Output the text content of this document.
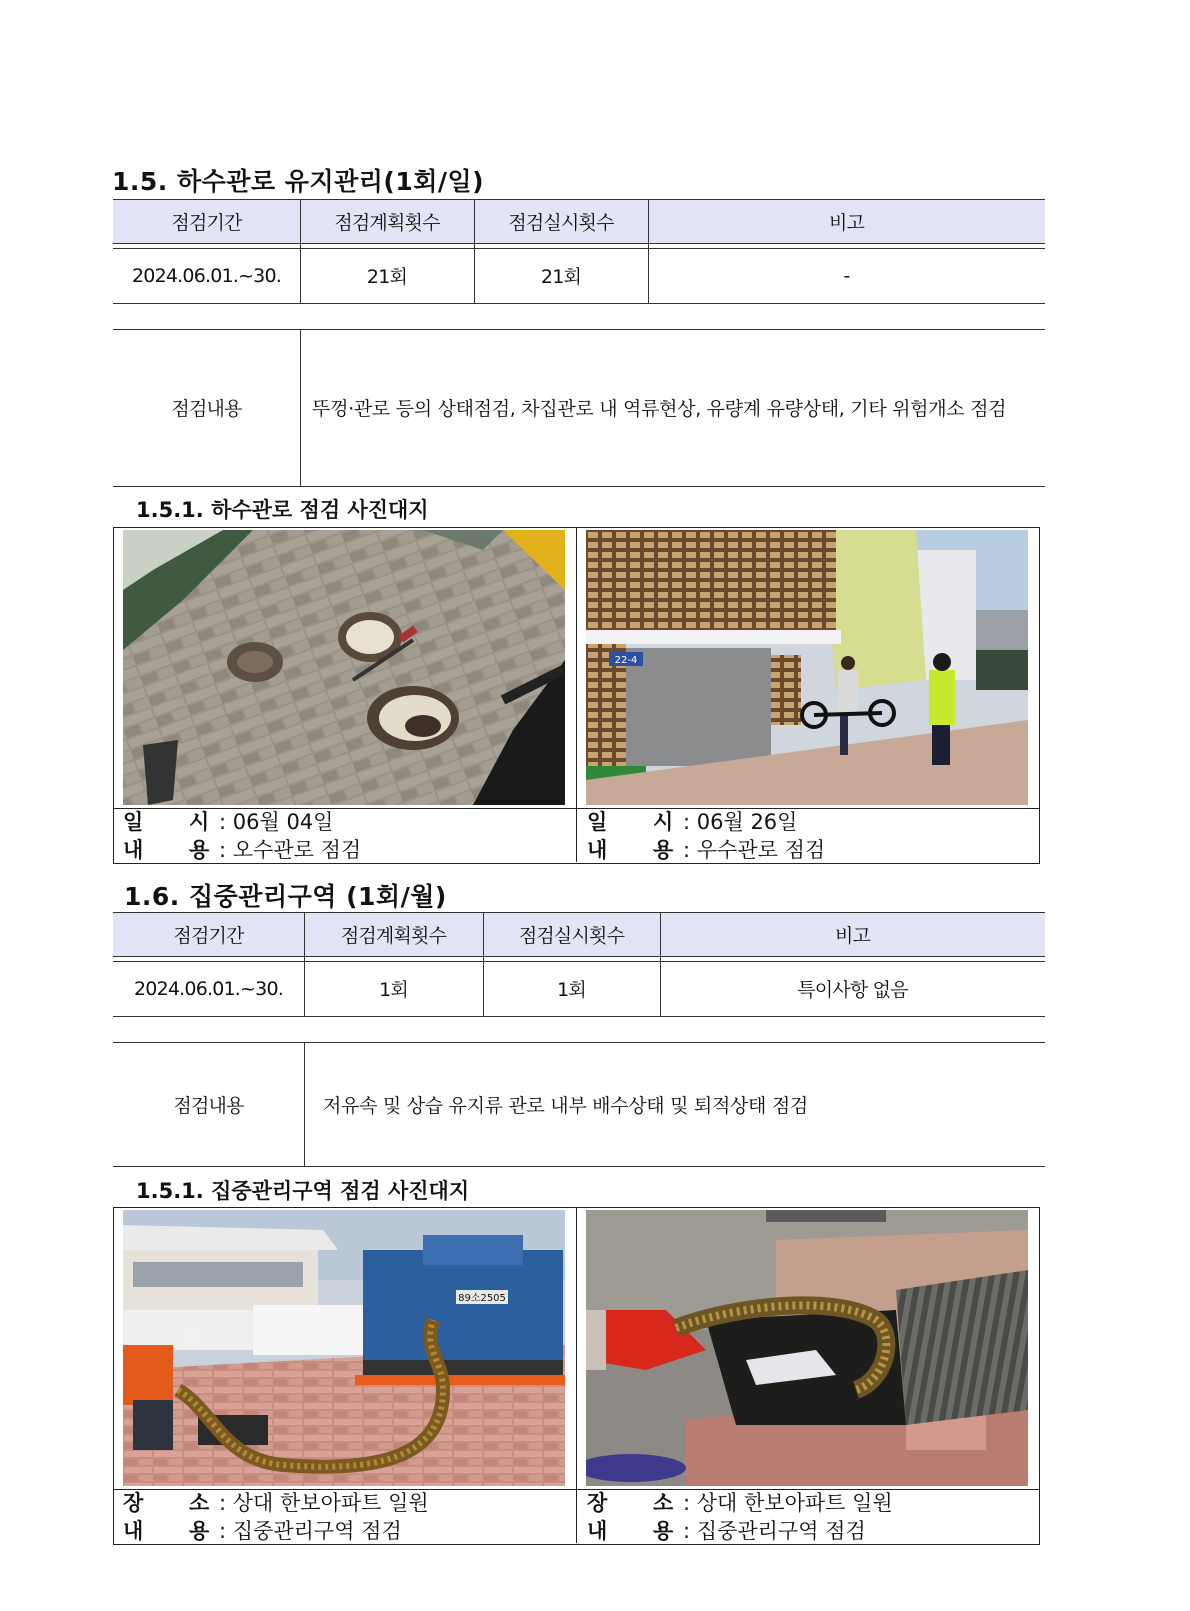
1.5. 하수관로 유지관리(1회/일)
점검기간	점검계획횟수	점검실시횟수	비고
2024.06.01.~30.	21회	21회	-
점검내용	뚜껑·관로 등의 상태점검, 차집관로 내 역류현상, 유량계 유량상태, 기타 위험개소 점검
1.5.1. 하수관로 점검 사진대지
22-4
일 시 : 06월 04일
내 용 : 오수관로 점검
일 시 : 06월 26일
내 용 : 우수관로 점검
1.6. 집중관리구역 (1회/월)
점검기간	점검계획횟수	점검실시횟수	비고
2024.06.01.~30.	1회	1회	특이사항 없음
점검내용	저유속 및 상습 유지류 관로 내부 배수상태 및 퇴적상태 점검
1.5.1. 집중관리구역 점검 사진대지
89소2505
장 소 : 상대 한보아파트 일원
내 용 : 집중관리구역 점검
장 소 : 상대 한보아파트 일원
내 용 : 집중관리구역 점검
